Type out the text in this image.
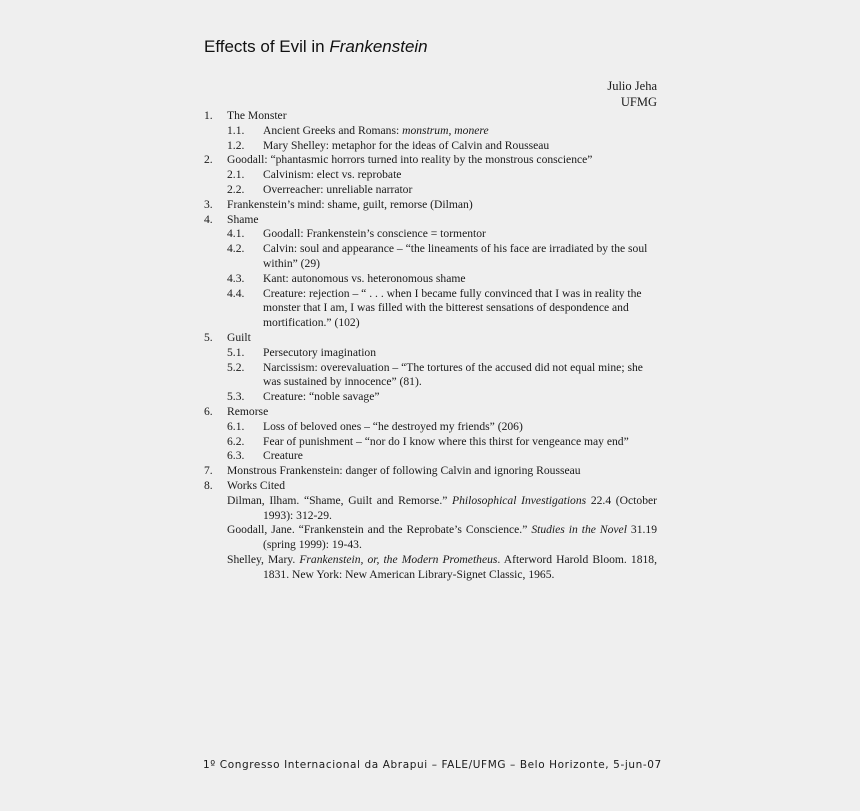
Effects of Evil in Frankenstein
Julio Jeha
UFMG
1. The Monster
1.1. Ancient Greeks and Romans: monstrum, monere
1.2. Mary Shelley: metaphor for the ideas of Calvin and Rousseau
2. Goodall: “phantasmic horrors turned into reality by the monstrous conscience”
2.1. Calvinism: elect vs. reprobate
2.2. Overreacher: unreliable narrator
3. Frankenstein’s mind: shame, guilt, remorse (Dilman)
4. Shame
4.1. Goodall: Frankenstein’s conscience = tormentor
4.2. Calvin: soul and appearance – “the lineaments of his face are irradiated by the soul within” (29)
4.3. Kant: autonomous vs. heteronomous shame
4.4. Creature: rejection – “ . . . when I became fully convinced that I was in reality the monster that I am, I was filled with the bitterest sensations of despondence and mortification.” (102)
5. Guilt
5.1. Persecutory imagination
5.2. Narcissism: overevaluation – “The tortures of the accused did not equal mine; she was sustained by innocence” (81).
5.3. Creature: “noble savage”
6. Remorse
6.1. Loss of beloved ones – “he destroyed my friends” (206)
6.2. Fear of punishment – “nor do I know where this thirst for vengeance may end”
6.3. Creature
7. Monstrous Frankenstein: danger of following Calvin and ignoring Rousseau
8. Works Cited
Dilman, Ilham. “Shame, Guilt and Remorse.” Philosophical Investigations 22.4 (October 1993): 312-29.
Goodall, Jane. “Frankenstein and the Reprobate’s Conscience.” Studies in the Novel 31.19 (spring 1999): 19-43.
Shelley, Mary. Frankenstein, or, the Modern Prometheus. Afterword Harold Bloom. 1818, 1831. New York: New American Library-Signet Classic, 1965.
1º Congresso Internacional da Abrapui – FALE/UFMG – Belo Horizonte, 5-jun-07
